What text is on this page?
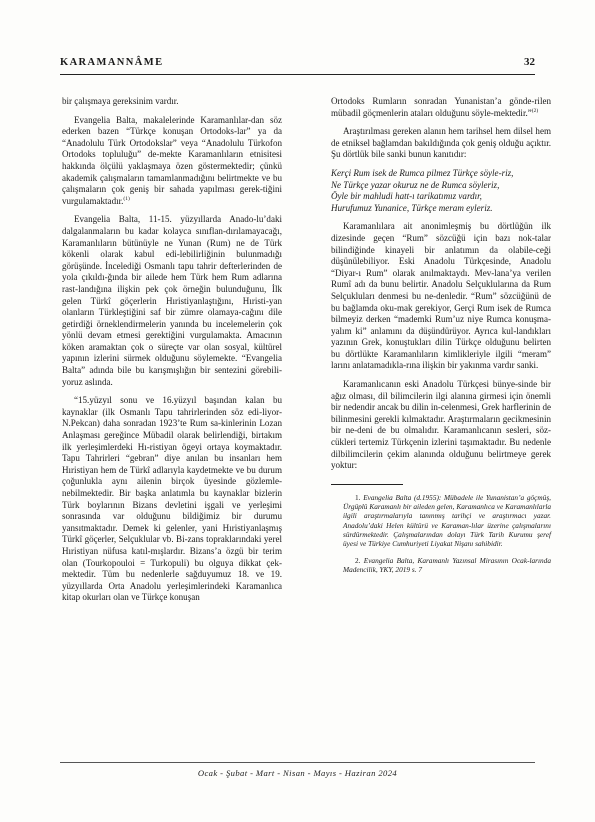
KARAMANNÂME	32

bir çalışmaya gereksinim vardır.

Evangelia Balta, makalelerinde Karamanlılar-dan söz ederken bazen “Türkçe konuşan Ortodoks-lar” ya da “Anadolulu Türk Ortodokslar” veya “Anadolulu Türkofon Ortodoks topluluğu” de-mekte Karamanlıların etnisitesi hakkında ölçülü yaklaşmaya özen göstermektedir; çünkü akademik çalışmaların tamamlanmadığını belirtmekte ve bu çalışmaların çok geniş bir sahada yapılması gerek-tiğini vurgulamaktadır.$^{(1)}$

Evangelia Balta, 11-15. yüzyıllarda Anado-lu’daki dalgalanmaların bu kadar kolayca sınıflan-dırılamayacağı, Karamanlıların bütünüyle ne Yunan (Rum) ne de Türk kökenli olarak kabul edi-lebilirliğinin bulunmadığı görüşünde. İncelediği Osmanlı tapu tahrir defterlerinden de yola çıkıldı-ğında bir ailede hem Türk hem Rum adlarına rast-landığına ilişkin pek çok örneğin bulunduğunu, İlk gelen Türkî göçerlerin Hıristiyanlaştığını, Hıristi-yan olanların Türkleştiğini saf bir zümre olamaya-cağını dile getirdiği örneklendirmelerin yanında bu incelemelerin çok yönlü devam etmesi gerektiğini vurgulamakta. Amacının köken aramaktan çok o süreçte var olan sosyal, kültürel yapının izlerini sürmek olduğunu söylemekte. “Evangelia Balta” adında bile bu karışmışlığın bir sentezini görebili-yoruz aslında.

“15.yüzyıl sonu ve 16.yüzyıl başından kalan bu kaynaklar (ilk Osmanlı Tapu tahrirlerinden söz edi-liyor-N.Pekcan) daha sonradan 1923’te Rum sa-kinlerinin Lozan Anlaşması gereğince Mübadil olarak belirlendiği, birtakım ilk yerleşimlerdeki Hı-ristiyan ögeyi ortaya koymaktadır. Tapu Tahrirleri “gebran” diye anılan bu insanları hem Hıristiyan hem de Türkî adlarıyla kaydetmekte ve bu durum çoğunlukla aynı ailenin birçok üyesinde gözlemle-nebilmektedir. Bir başka anlatımla bu kaynaklar bizlerin Türk boylarının Bizans devletini işgali ve yerleşimi sonrasında var olduğunu bildiğimiz bir durumu yansıtmaktadır. Demek ki gelenler, yani Hıristiyanlaşmış Türkî göçerler, Selçuklular vb. Bi-zans topraklarındaki yerel Hıristiyan nüfusa katıl-mışlardır. Bizans’a özgü bir terim olan (Tourkopouloi = Turkopuli) bu olguya dikkat çek-mektedir. Tüm bu nedenlerle sağduyumuz 18. ve 19. yüzyıllarda Orta Anadolu yerleşimlerindeki Karamanlıca kitap okurları olan ve Türkçe konuşan

Ortodoks Rumların sonradan Yunanistan’a gönde-rilen mübadil göçmenlerin ataları olduğunu söyle-mektedir.”$^{(2)}$

Araştırılması gereken alanın hem tarihsel hem dilsel hem de etniksel bağlamdan bakıldığında çok geniş olduğu açıktır. Şu dörtlük bile sanki bunun kanıtıdır:

Kerçi Rum isek de Rumca pilmez Türkçe söyle-riz,
Ne Türkçe yazar okuruz ne de Rumca söyleriz,
Öyle bir mahludi hatt-ı tarikatımız vardır,
Hurufumuz Yunanice, Türkçe meram eyleriz.

Karamanlılara ait anonimleşmiş bu dörtlüğün ilk dizesinde geçen “Rum” sözcüğü için bazı nok-talar bilindiğinde kinayeli bir anlatımın da olabile-ceği düşünülebiliyor. Eski Anadolu Türkçesinde, Anadolu “Diyar-ı Rum” olarak anılmaktaydı. Mev-lana’ya verilen Rumî adı da bunu belirtir. Anadolu Selçuklularına da Rum Selçukluları denmesi bu ne-denledir. “Rum” sözcüğünü de bu bağlamda oku-mak gerekiyor, Gerçi Rum isek de Rumca bilmeyiz derken “mademki Rum’uz niye Rumca konuşma-yalım ki” anlamını da düşündürüyor. Ayrıca kul-landıkları yazının Grek, konuştukları dilin Türkçe olduğunu belirten bu dörtlükte Karamanlıların kimlikleriyle ilgili “meram” larını anlatamadıkla-rına ilişkin bir yakınma vardır sanki.

Karamanlıcanın eski Anadolu Türkçesi bünye-sinde bir ağız olması, dil bilimcilerin ilgi alanına girmesi için önemli bir nedendir ancak bu dilin in-celenmesi, Grek harflerinin de bilinmesini gerekli kılmaktadır. Araştırmaların gecikmesinin bir ne-deni de bu olmalıdır. Karamanlıcanın sesleri, söz-cükleri tertemiz Türkçenin izlerini taşımaktadır. Bu nedenle dilbilimcilerin çekim alanında olduğunu belirtmeye gerek yoktur:

1. Evangelia Balta (d.1955): Mübadele ile Yunanistan’a göçmüş, Ürgüplü Karamanlı bir aileden gelen, Karamanlıca ve Karamanlılarla ilgili araştırmalarıyla tanınmış tarihçi ve araştırmacı yazar. Anadolu’daki Helen kültürü ve Karaman-lılar üzerine çalışmalarını sürdürmektedir. Çalışmalarından dolayı Türk Tarih Kurumu şeref üyesi ve Türkiye Cumhuriyeti Liyakat Nişanı sahibidir.

2. Evangelia Balta, Karamanlı Yazınsal Mirasının Ocak-larında Madencilik, YKY, 2019 s. 7

Ocak - Şubat - Mart - Nisan - Mayıs - Haziran 2024
